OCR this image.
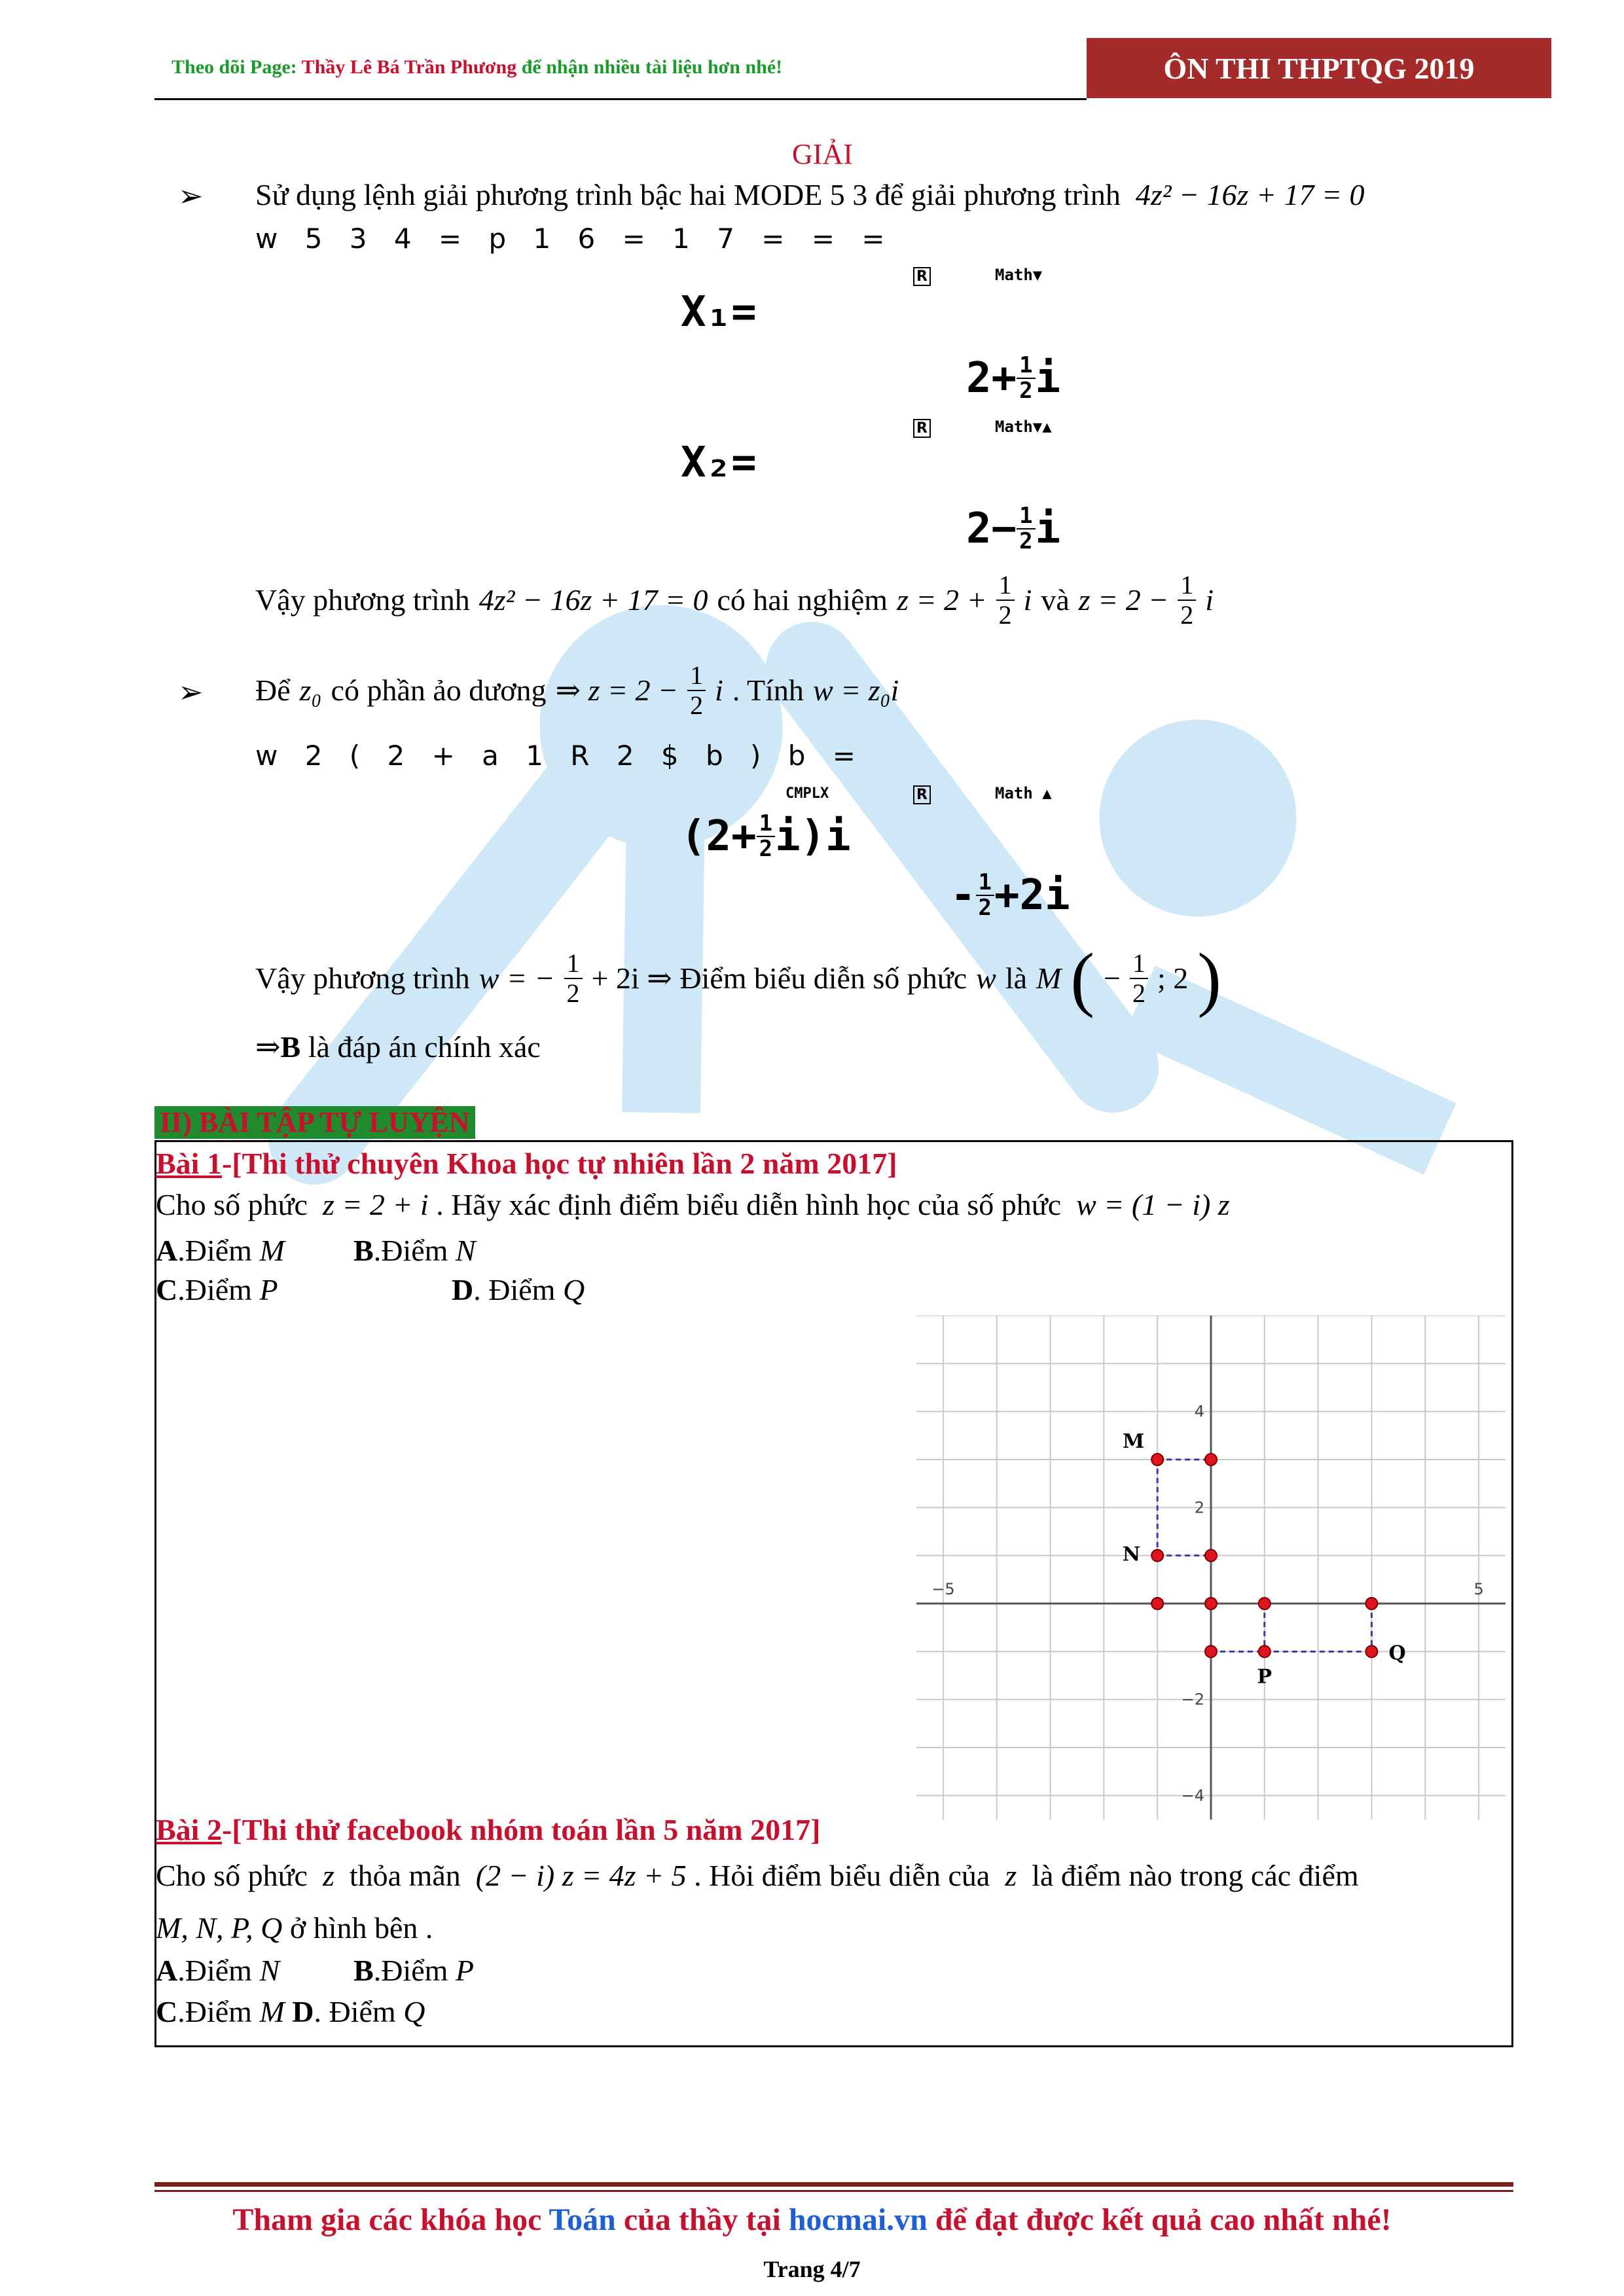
Theo dõi Page: Thầy Lê Bá Trần Phương để nhận nhiều tài liệu hơn nhé!	ÔN THI THPTQG 2019
GIẢI
➢ Sử dụng lệnh giải phương trình bậc hai MODE 5 3 để giải phương trình 4z² − 16z + 17 = 0
w 5 3 4 = p 1 6 = 1 7 = = =
R	Math▼
X₁=
$2+ \frac{1}{2}$ i
R	Math▼▲
X₂=
$2- \frac{1}{2}$ i
Vậy phương trình 4z² − 16z + 17 = 0 có hai nghiệm $z = 2 + \frac{1}{2}$ i và $z = 2 - \frac{1}{2}$ i
➢ Để z₀ có phần ảo dương ⇒ $z = 2 - \frac{1}{2}$ i . Tính w = z₀i
w 2 ( 2 + a 1 R 2 $ b ) b =
CMPLX	R	Math ▲
$(2+ \frac{1}{2} i)i$
- $\frac{1}{2} +2i$
Vậy phương trình w = − $\frac{1}{2} + 2i$ ⇒ Điểm biểu diễn số phức w là M ( − $\frac{1}{2}$ ; 2 )
⇒B là đáp án chính xác
II) BÀI TẬP TỰ LUYỆN
Bài 1-[Thi thử chuyên Khoa học tự nhiên lần 2 năm 2017]
Cho số phức z = 2 + i . Hãy xác định điểm biểu diễn hình học của số phức w = (1 − i) z
A.Điểm M B.Điểm N
C.Điểm P	D. Điểm Q
−5	5
4
2
−2
−4
M
N
P
Q
Bài 2-[Thi thử facebook nhóm toán lần 5 năm 2017]
Cho số phức z thỏa mãn (2 − i) z = 4z + 5 . Hỏi điểm biểu diễn của z là điểm nào trong các điểm
M, N, P, Q ở hình bên .
A.Điểm N B.Điểm P
C.Điểm M D. Điểm Q
Tham gia các khóa học Toán của thầy tại hocmai.vn để đạt được kết quả cao nhất nhé!
Trang 4/7
